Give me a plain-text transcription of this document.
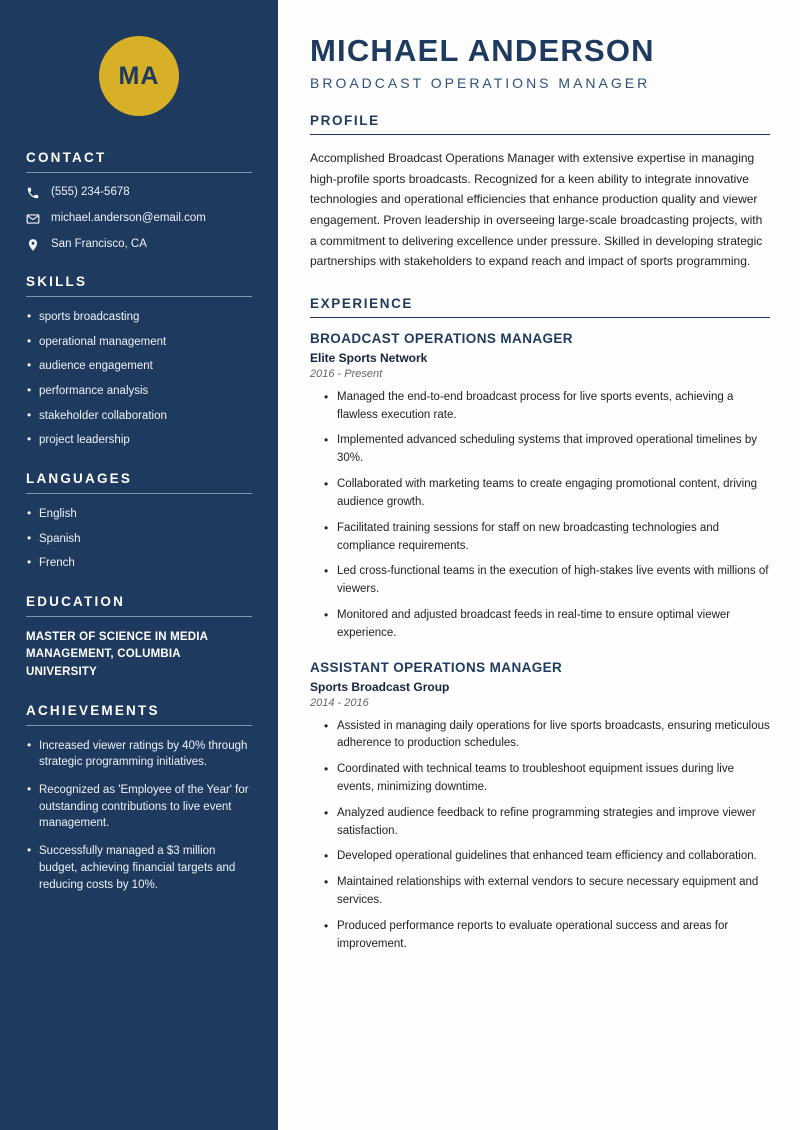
MA
CONTACT
(555) 234-5678
michael.anderson@email.com
San Francisco, CA
SKILLS
• sports broadcasting
• operational management
• audience engagement
• performance analysis
• stakeholder collaboration
• project leadership
LANGUAGES
• English
• Spanish
• French
EDUCATION
MASTER OF SCIENCE IN MEDIA MANAGEMENT, COLUMBIA UNIVERSITY
ACHIEVEMENTS
• Increased viewer ratings by 40% through strategic programming initiatives.
• Recognized as 'Employee of the Year' for outstanding contributions to live event management.
• Successfully managed a $3 million budget, achieving financial targets and reducing costs by 10%.
MICHAEL ANDERSON
BROADCAST OPERATIONS MANAGER
PROFILE

Accomplished Broadcast Operations Manager with extensive expertise in managing high-profile sports broadcasts. Recognized for a keen ability to integrate innovative technologies and operational efficiencies that enhance production quality and viewer engagement. Proven leadership in overseeing large-scale broadcasting projects, with a commitment to delivering excellence under pressure. Skilled in developing strategic partnerships with stakeholders to expand reach and impact of sports programming.

EXPERIENCE
BROADCAST OPERATIONS MANAGER
Elite Sports Network
2016 - Present
• Managed the end-to-end broadcast process for live sports events, achieving a flawless execution rate.
• Implemented advanced scheduling systems that improved operational timelines by 30%.
• Collaborated with marketing teams to create engaging promotional content, driving audience growth.
• Facilitated training sessions for staff on new broadcasting technologies and compliance requirements.
• Led cross-functional teams in the execution of high-stakes live events with millions of viewers.
• Monitored and adjusted broadcast feeds in real-time to ensure optimal viewer experience.
ASSISTANT OPERATIONS MANAGER
Sports Broadcast Group
2014 - 2016
• Assisted in managing daily operations for live sports broadcasts, ensuring meticulous adherence to production schedules.
• Coordinated with technical teams to troubleshoot equipment issues during live events, minimizing downtime.
• Analyzed audience feedback to refine programming strategies and improve viewer satisfaction.
• Developed operational guidelines that enhanced team efficiency and collaboration.
• Maintained relationships with external vendors to secure necessary equipment and services.
• Produced performance reports to evaluate operational success and areas for improvement.
